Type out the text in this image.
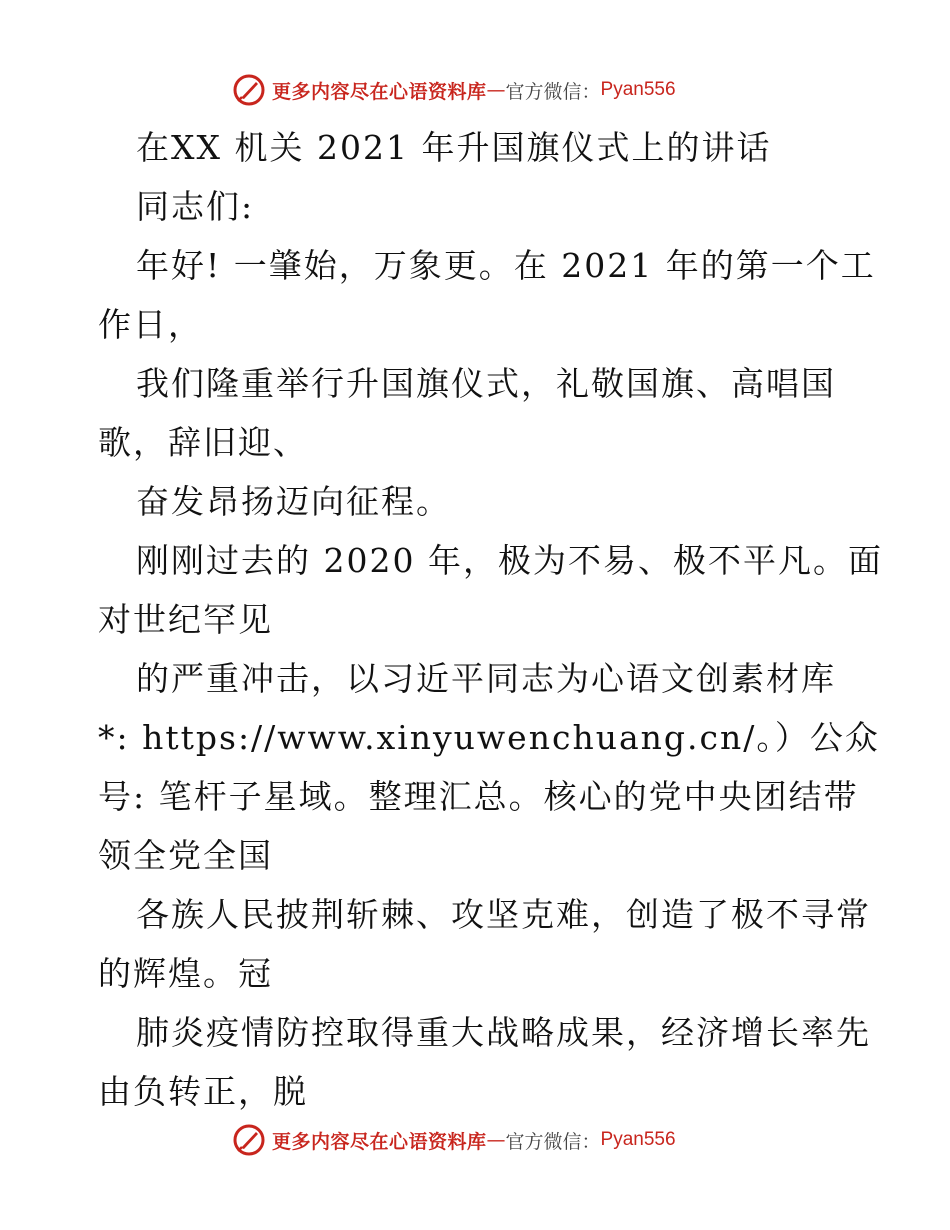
更多内容尽在心语资料库 — 官方微信： Pyan556

在XX 机关 2021 年升国旗仪式上的讲话

同志们:

年好! 一肇始，万象更。在 2021 年的第一个工

作日，

我们隆重举行升国旗仪式，礼敬国旗、高唱国

歌，辞旧迎、

奋发昂扬迈向征程。

刚刚过去的 2020 年，极为不易、极不平凡。面

对世纪罕见

的严重冲击，以习近平同志为心语文创素材库

*: https://www.xinyuwenchuang.cn/。）公众

号: 笔杆子星域。整理汇总。核心的党中央团结带

领全党全国

各族人民披荆斩棘、攻坚克难，创造了极不寻常

的辉煌。冠

肺炎疫情防控取得重大战略成果，经济增长率先

由负转正，脱

更多内容尽在心语资料库 — 官方微信： Pyan556
